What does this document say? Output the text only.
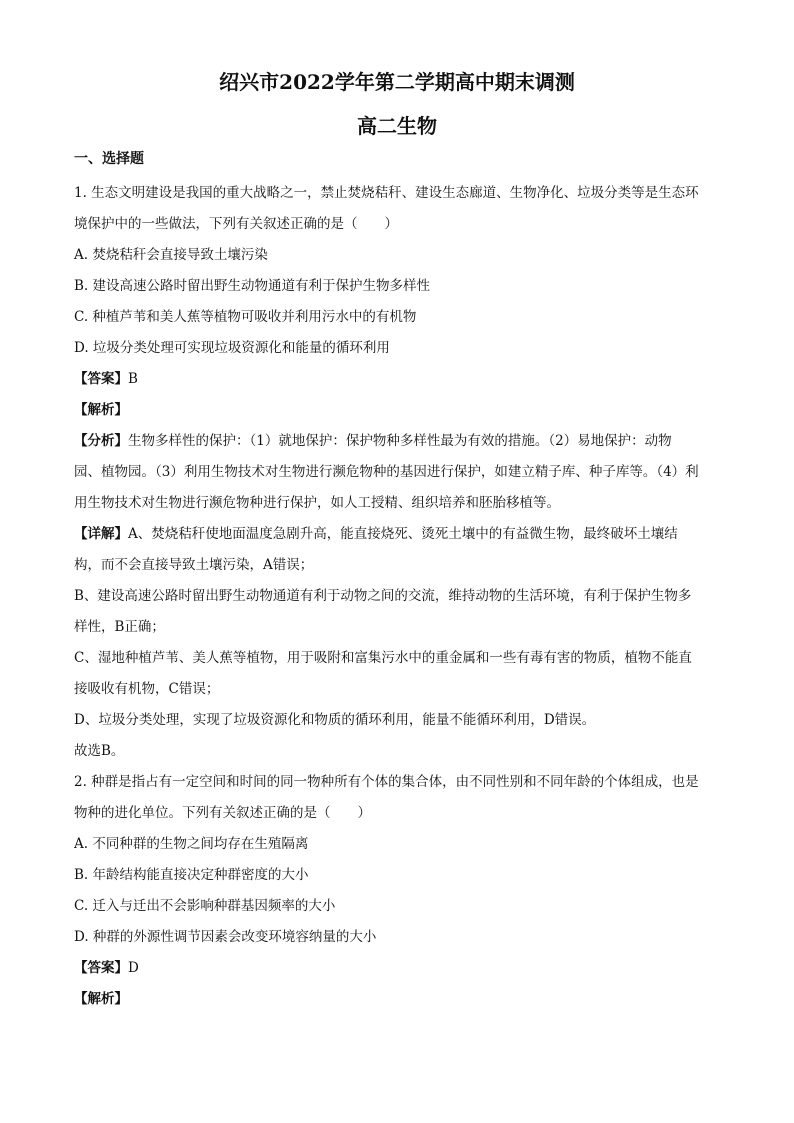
绍兴市2022学年第二学期高中期末调测
高二生物
一、选择题
1. 生态文明建设是我国的重大战略之一，禁止焚烧秸秆、建设生态廊道、生物净化、垃圾分类等是生态环
境保护中的一些做法，下列有关叙述正确的是（　　）
A. 焚烧秸秆会直接导致土壤污染
B. 建设高速公路时留出野生动物通道有利于保护生物多样性
C. 种植芦苇和美人蕉等植物可吸收并利用污水中的有机物
D. 垃圾分类处理可实现垃圾资源化和能量的循环利用
【答案】B
【解析】
【分析】生物多样性的保护：（1）就地保护：保护物种多样性最为有效的措施。（2）易地保护：动物
园、植物园。（3）利用生物技术对生物进行濒危物种的基因进行保护，如建立精子库、种子库等。（4）利
用生物技术对生物进行濒危物种进行保护，如人工授精、组织培养和胚胎移植等。
【详解】A、焚烧秸秆使地面温度急剧升高，能直接烧死、烫死土壤中的有益微生物，最终破坏土壤结
构，而不会直接导致土壤污染，A错误；
B、建设高速公路时留出野生动物通道有利于动物之间的交流，维持动物的生活环境，有利于保护生物多
样性，B正确；
C、湿地种植芦苇、美人蕉等植物，用于吸附和富集污水中的重金属和一些有毒有害的物质，植物不能直
接吸收有机物，C错误；
D、垃圾分类处理，实现了垃圾资源化和物质的循环利用，能量不能循环利用，D错误。
故选B。
2. 种群是指占有一定空间和时间的同一物种所有个体的集合体，由不同性别和不同年龄的个体组成，也是
物种的进化单位。下列有关叙述正确的是（　　）
A. 不同种群的生物之间均存在生殖隔离
B. 年龄结构能直接决定种群密度的大小
C. 迁入与迁出不会影响种群基因频率的大小
D. 种群的外源性调节因素会改变环境容纳量的大小
【答案】D
【解析】
